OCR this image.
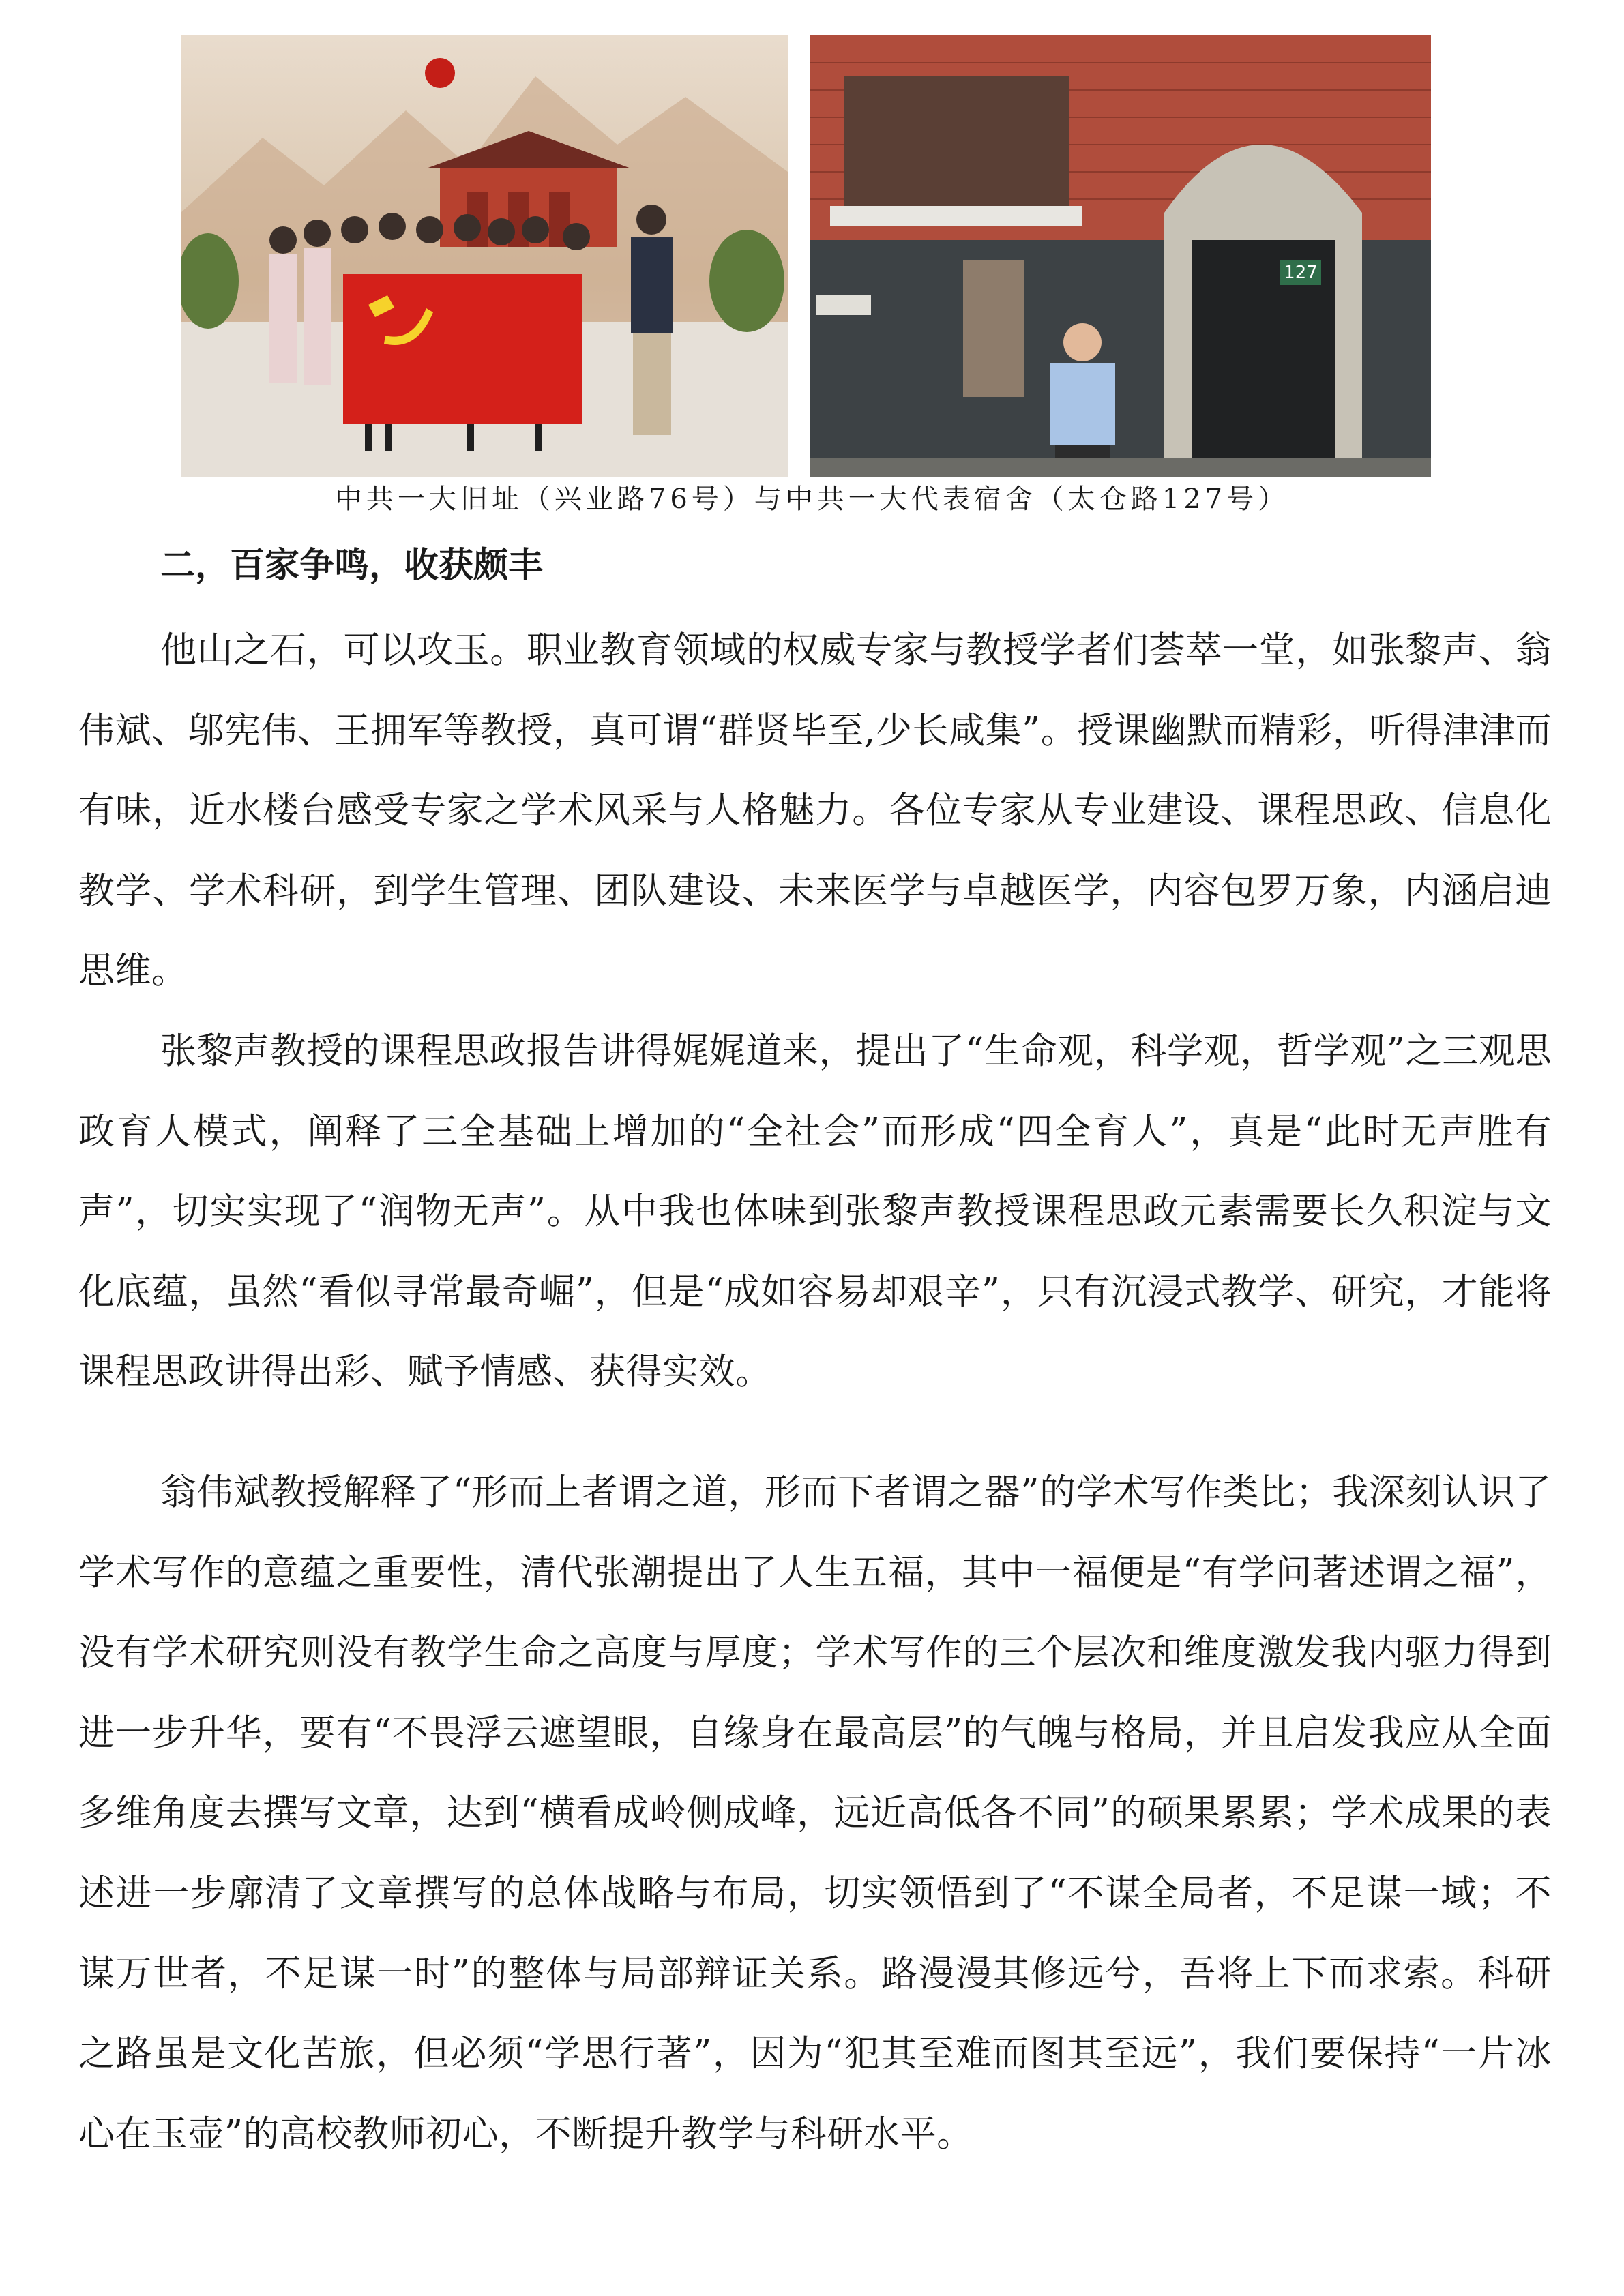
127
中共一大旧址（兴业路76号）与中共一大代表宿舍（太仓路127号）
二，百家争鸣，收获颇丰

他山之石，可以攻玉。职业教育领域的权威专家与教授学者们荟萃一堂，如张黎声、翁伟斌、邬宪伟、王拥军等教授，真可谓“群贤毕至,少长咸集”。授课幽默而精彩，听得津津而有味，近水楼台感受专家之学术风采与人格魅力。各位专家从专业建设、课程思政、信息化教学、学术科研，到学生管理、团队建设、未来医学与卓越医学，内容包罗万象，内涵启迪思维。

张黎声教授的课程思政报告讲得娓娓道来，提出了“生命观，科学观，哲学观”之三观思政育人模式，阐释了三全基础上增加的“全社会”而形成“四全育人”，真是“此时无声胜有声”，切实实现了“润物无声”。从中我也体味到张黎声教授课程思政元素需要长久积淀与文化底蕴，虽然“看似寻常最奇崛”，但是“成如容易却艰辛”，只有沉浸式教学、研究，才能将课程思政讲得出彩、赋予情感、获得实效。

翁伟斌教授解释了“形而上者谓之道，形而下者谓之器”的学术写作类比；我深刻认识了学术写作的意蕴之重要性，清代张潮提出了人生五福，其中一福便是“有学问著述谓之福”，没有学术研究则没有教学生命之高度与厚度；学术写作的三个层次和维度激发我内驱力得到进一步升华，要有“不畏浮云遮望眼，自缘身在最高层”的气魄与格局，并且启发我应从全面多维角度去撰写文章，达到“横看成岭侧成峰，远近高低各不同”的硕果累累；学术成果的表述进一步廓清了文章撰写的总体战略与布局，切实领悟到了“不谋全局者，不足谋一域；不谋万世者，不足谋一时”的整体与局部辩证关系。路漫漫其修远兮，吾将上下而求索。科研之路虽是文化苦旅，但必须“学思行著”，因为“犯其至难而图其至远”，我们要保持“一片冰心在玉壶”的高校教师初心，不断提升教学与科研水平。
